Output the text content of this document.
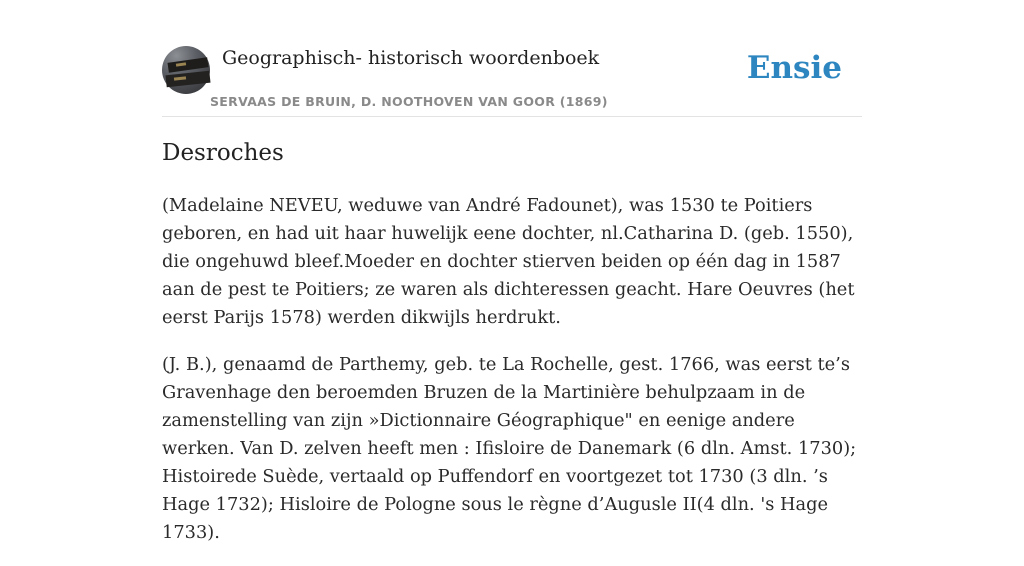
Geographisch- historisch woordenboek
SERVAAS DE BRUIN, D. NOOTHOVEN VAN GOOR (1869)
Ensie
Desroches

(Madelaine NEVEU, weduwe van André Fadounet), was 1530 te Poitiers geboren, en had uit haar huwelijk eene dochter, nl.Catharina D. (geb. 1550), die ongehuwd bleef.Moeder en dochter stierven beiden op één dag in 1587 aan de pest te Poitiers; ze waren als dichteressen geacht. Hare Oeuvres (het eerst Parijs 1578) werden dikwijls herdrukt.

(J. B.), genaamd de Parthemy, geb. te La Rochelle, gest. 1766, was eerst te’s Gravenhage den beroemden Bruzen de la Martinière behulpzaam in de zamenstelling van zijn »Dictionnaire Géographique" en eenige andere werken. Van D. zelven heeft men : Ifisloire de Danemark (6 dln. Amst. 1730); Histoirede Suède, vertaald op Puffendorf en voortgezet tot 1730 (3 dln. ’s Hage 1732); Hisloire de Pologne sous le règne d’Augusle II(4 dln. 's Hage 1733).
